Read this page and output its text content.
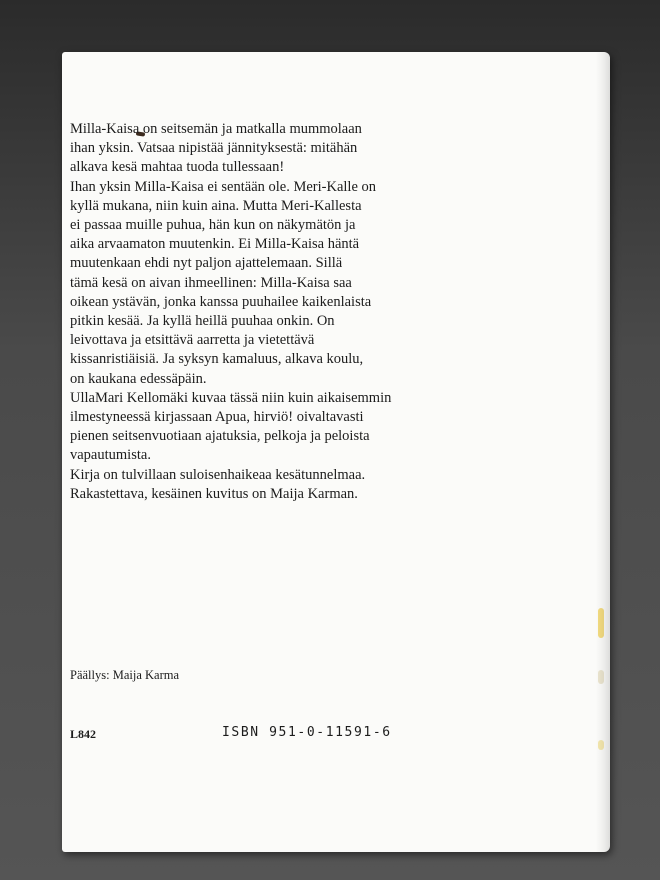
Milla-Kaisa on seitsemän ja matkalla mummolaan
ihan yksin. Vatsaa nipistää jännityksestä: mitähän
alkava kesä mahtaa tuoda tullessaan!
Ihan yksin Milla-Kaisa ei sentään ole. Meri-Kalle on
kyllä mukana, niin kuin aina. Mutta Meri-Kallesta
ei passaa muille puhua, hän kun on näkymätön ja
aika arvaamaton muutenkin. Ei Milla-Kaisa häntä
muutenkaan ehdi nyt paljon ajattelemaan. Sillä
tämä kesä on aivan ihmeellinen: Milla-Kaisa saa
oikean ystävän, jonka kanssa puuhailee kaikenlaista
pitkin kesää. Ja kyllä heillä puuhaa onkin. On
leivottava ja etsittävä aarretta ja vietettävä
kissanristiäisiä. Ja syksyn kamaluus, alkava koulu,
on kaukana edessäpäin.
UllaMari Kellomäki kuvaa tässä niin kuin aikaisemmin
ilmestyneessä kirjassaan Apua, hirviö! oivaltavasti
pienen seitsenvuotiaan ajatuksia, pelkoja ja peloista
vapautumista.
Kirja on tulvillaan suloisenhaikeaa kesätunnelmaa.
Rakastettava, kesäinen kuvitus on Maija Karman.
Päällys: Maija Karma
L842	ISBN 951-0-11591-6
